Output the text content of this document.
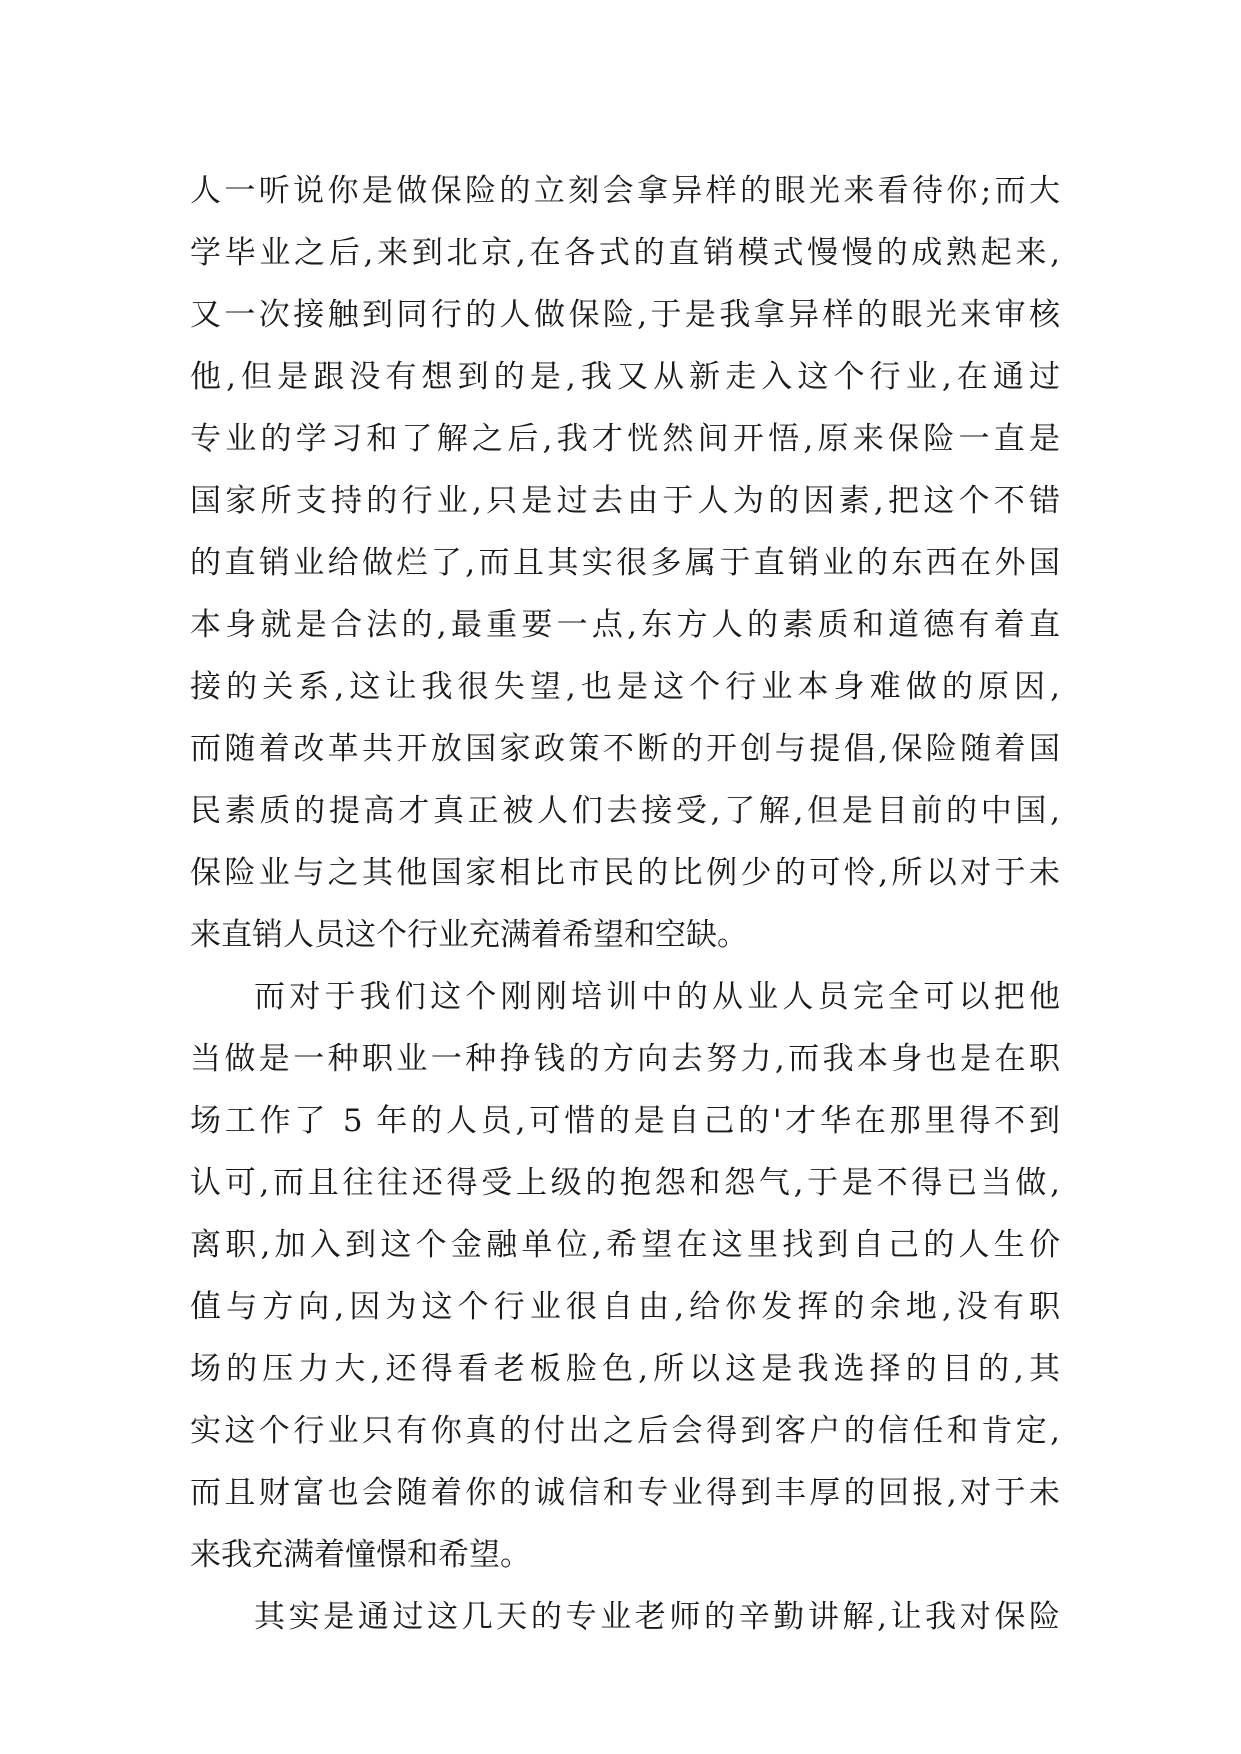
人一听说你是做保险的立刻会拿异样的眼光来看待你;而大
学毕业之后,来到北京,在各式的直销模式慢慢的成熟起来,
又一次接触到同行的人做保险,于是我拿异样的眼光来审核
他,但是跟没有想到的是,我又从新走入这个行业,在通过
专业的学习和了解之后,我才恍然间开悟,原来保险一直是
国家所支持的行业,只是过去由于人为的因素,把这个不错
的直销业给做烂了,而且其实很多属于直销业的东西在外国
本身就是合法的,最重要一点,东方人的素质和道德有着直
接的关系,这让我很失望,也是这个行业本身难做的原因,
而随着改革共开放国家政策不断的开创与提倡,保险随着国
民素质的提高才真正被人们去接受,了解,但是目前的中国,
保险业与之其他国家相比市民的比例少的可怜,所以对于未
来直销人员这个行业充满着希望和空缺。
而对于我们这个刚刚培训中的从业人员完全可以把他
当做是一种职业一种挣钱的方向去努力,而我本身也是在职
场工作了 5 年的人员,可惜的是自己的'才华在那里得不到
认可,而且往往还得受上级的抱怨和怨气,于是不得已当做,
离职,加入到这个金融单位,希望在这里找到自己的人生价
值与方向,因为这个行业很自由,给你发挥的余地,没有职
场的压力大,还得看老板脸色,所以这是我选择的目的,其
实这个行业只有你真的付出之后会得到客户的信任和肯定,
而且财富也会随着你的诚信和专业得到丰厚的回报,对于未
来我充满着憧憬和希望。
其实是通过这几天的专业老师的辛勤讲解,让我对保险
